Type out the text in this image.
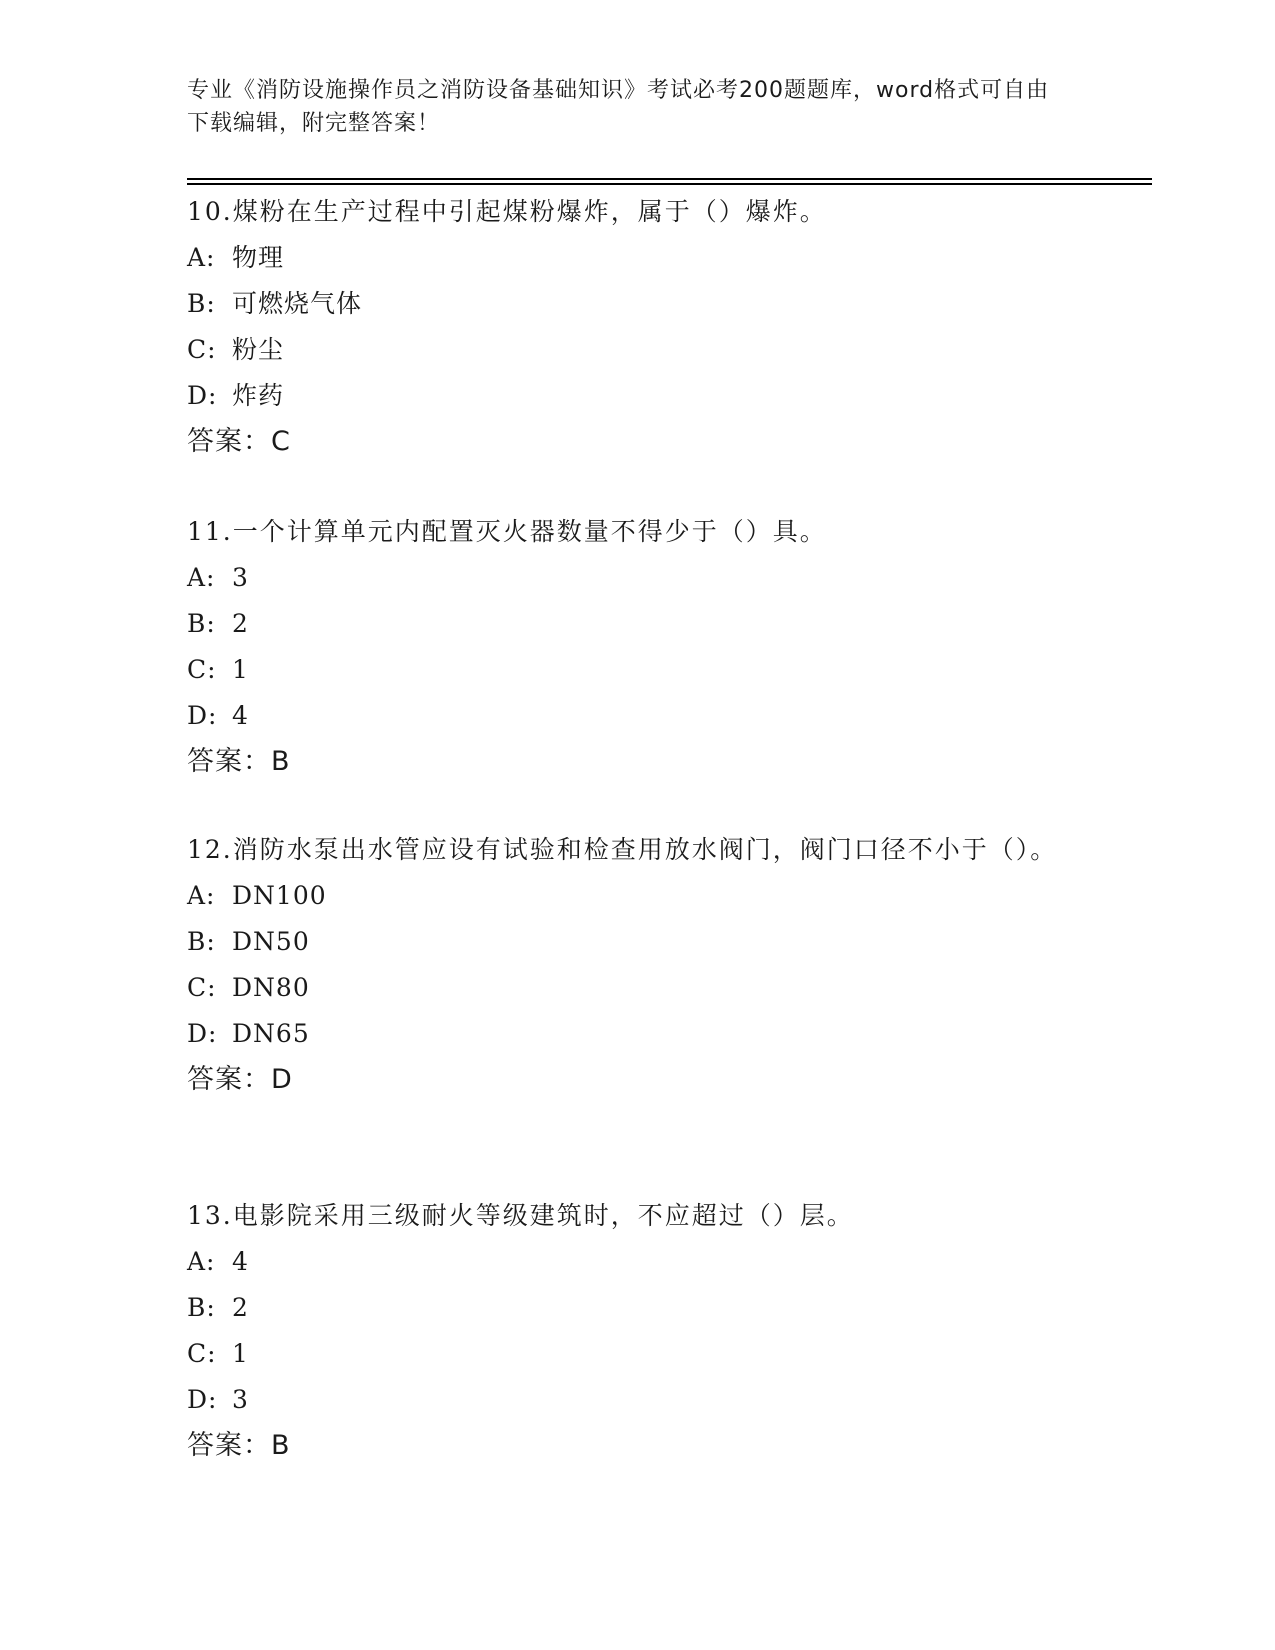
专业《消防设施操作员之消防设备基础知识》考试必考200题题库，word格式可自由下载编辑，附完整答案！

10.煤粉在生产过程中引起煤粉爆炸，属于（）爆炸。

A: 物理
B: 可燃烧气体
C: 粉尘
D: 炸药
答案：C

11.一个计算单元内配置灭火器数量不得少于（）具。

A: 3
B: 2
C: 1
D: 4
答案：B

12.消防水泵出水管应设有试验和检查用放水阀门，阀门口径不小于（）。

A: DN100
B: DN50
C: DN80
D: DN65
答案：D

13.电影院采用三级耐火等级建筑时，不应超过（）层。

A: 4
B: 2
C: 1
D: 3
答案：B
